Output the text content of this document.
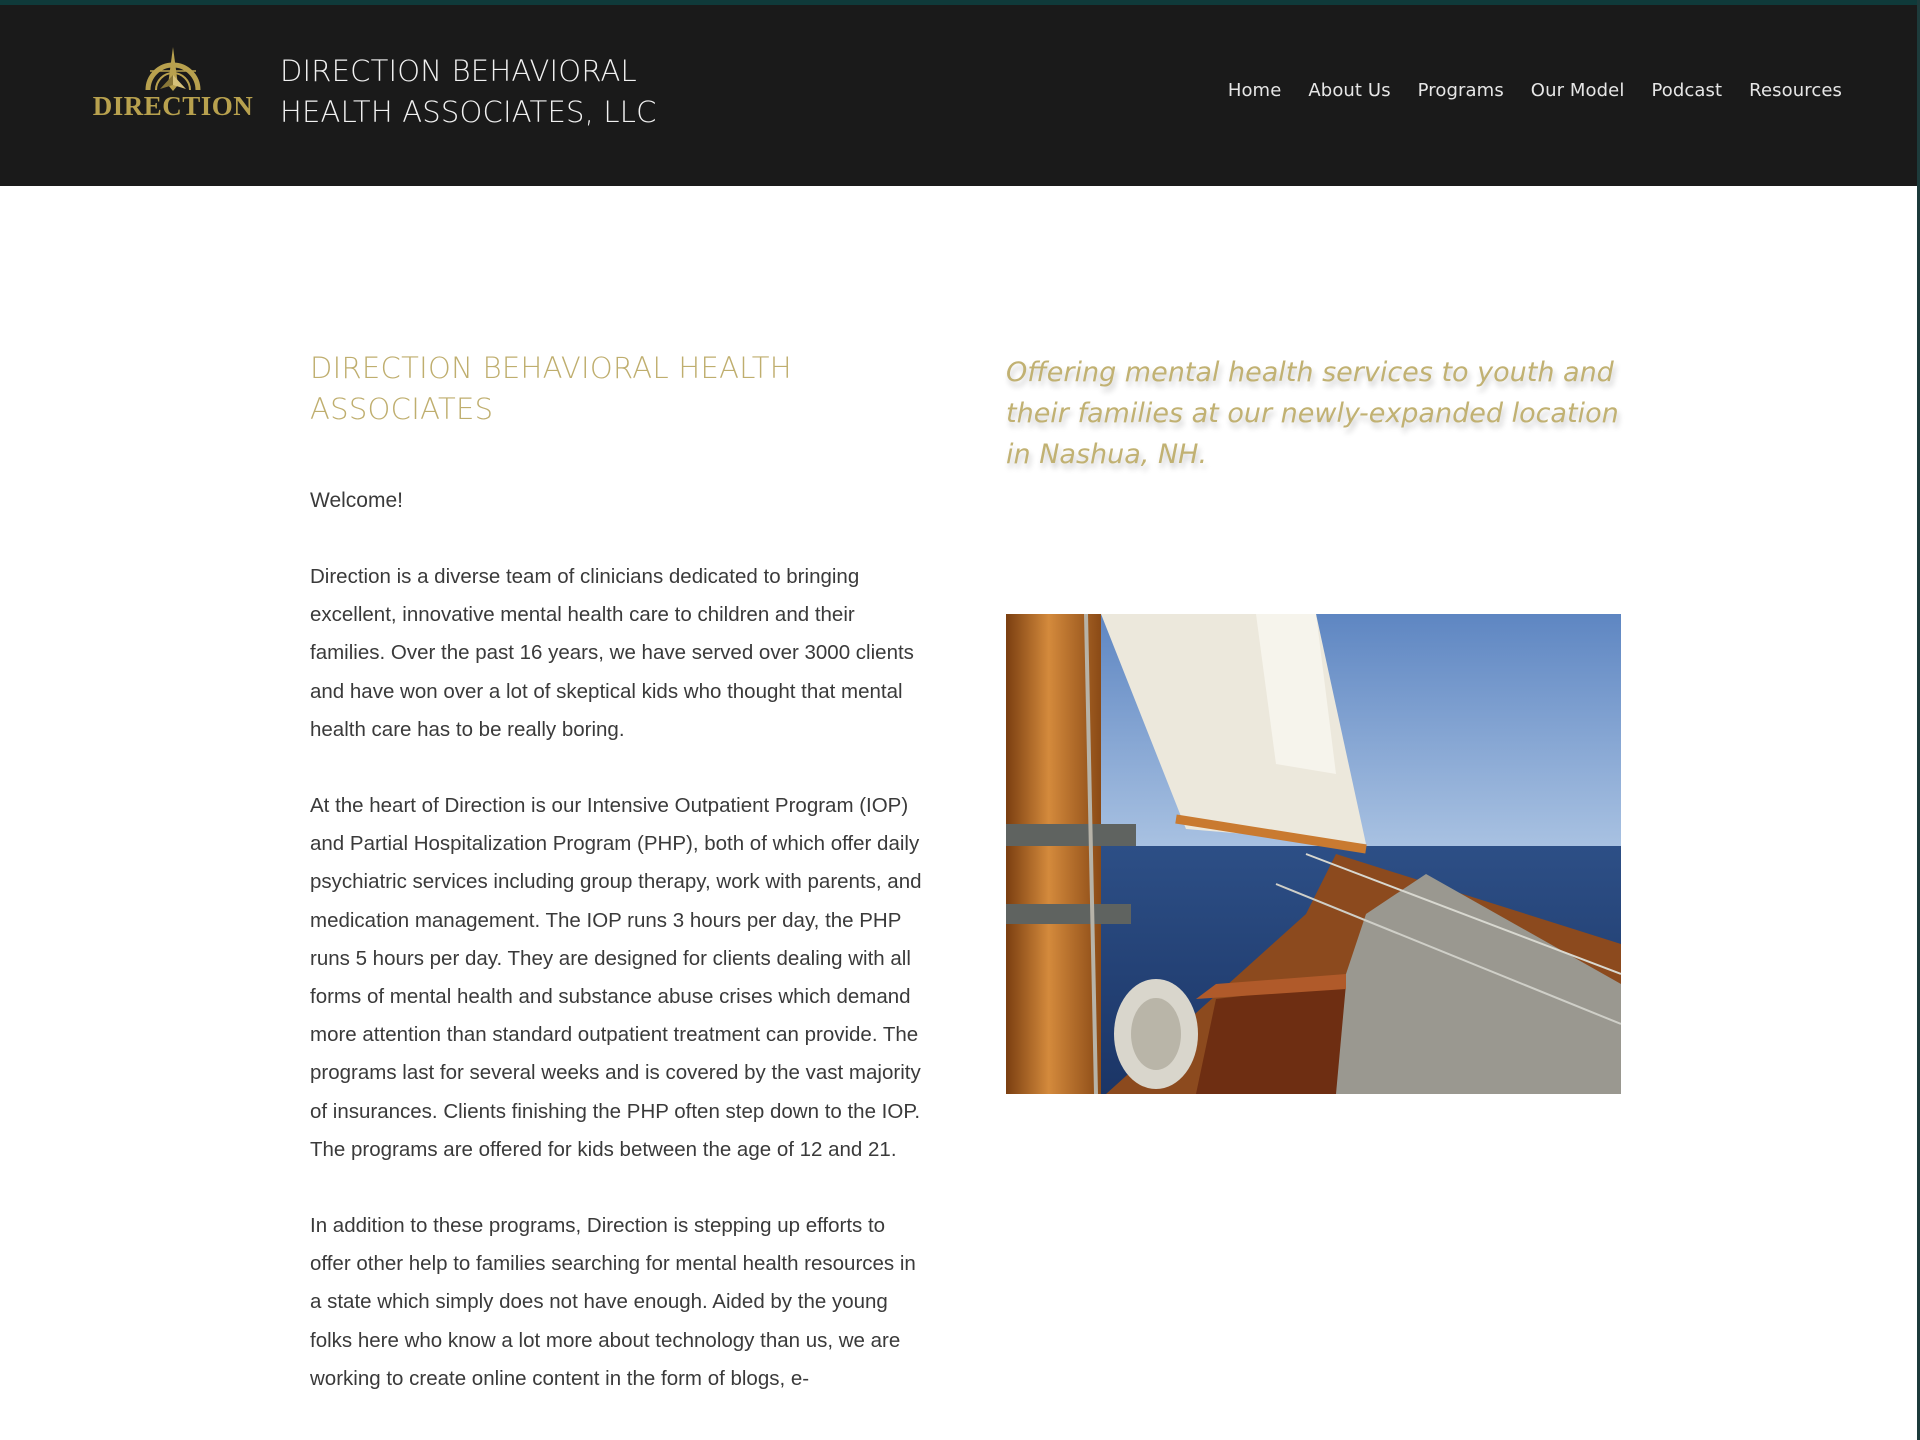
DIRECTION
DIRECTION BEHAVIORAL
HEALTH ASSOCIATES, LLC
Home About Us Programs Our Model Podcast Resources
DIRECTION BEHAVIORAL HEALTH ASSOCIATES

Welcome!

Direction is a diverse team of clinicians dedicated to bringing excellent, innovative mental health care to children and their families. Over the past 16 years, we have served over 3000 clients and have won over a lot of skeptical kids who thought that mental health care has to be really boring.

At the heart of Direction is our Intensive Outpatient Program (IOP) and Partial Hospitalization Program (PHP), both of which offer daily psychiatric services including group therapy, work with parents, and medication management. The IOP runs 3 hours per day, the PHP runs 5 hours per day. They are designed for clients dealing with all forms of mental health and substance abuse crises which demand more attention than standard outpatient treatment can provide. The programs last for several weeks and is covered by the vast majority of insurances. Clients finishing the PHP often step down to the IOP. The programs are offered for kids between the age of 12 and 21.

In addition to these programs, Direction is stepping up efforts to offer other help to families searching for mental health resources in a state which simply does not have enough. Aided by the young folks here who know a lot more about technology than us, we are working to create online content in the form of blogs, e-

Offering mental health services to youth and their families at our newly-expanded location in Nashua, NH.
